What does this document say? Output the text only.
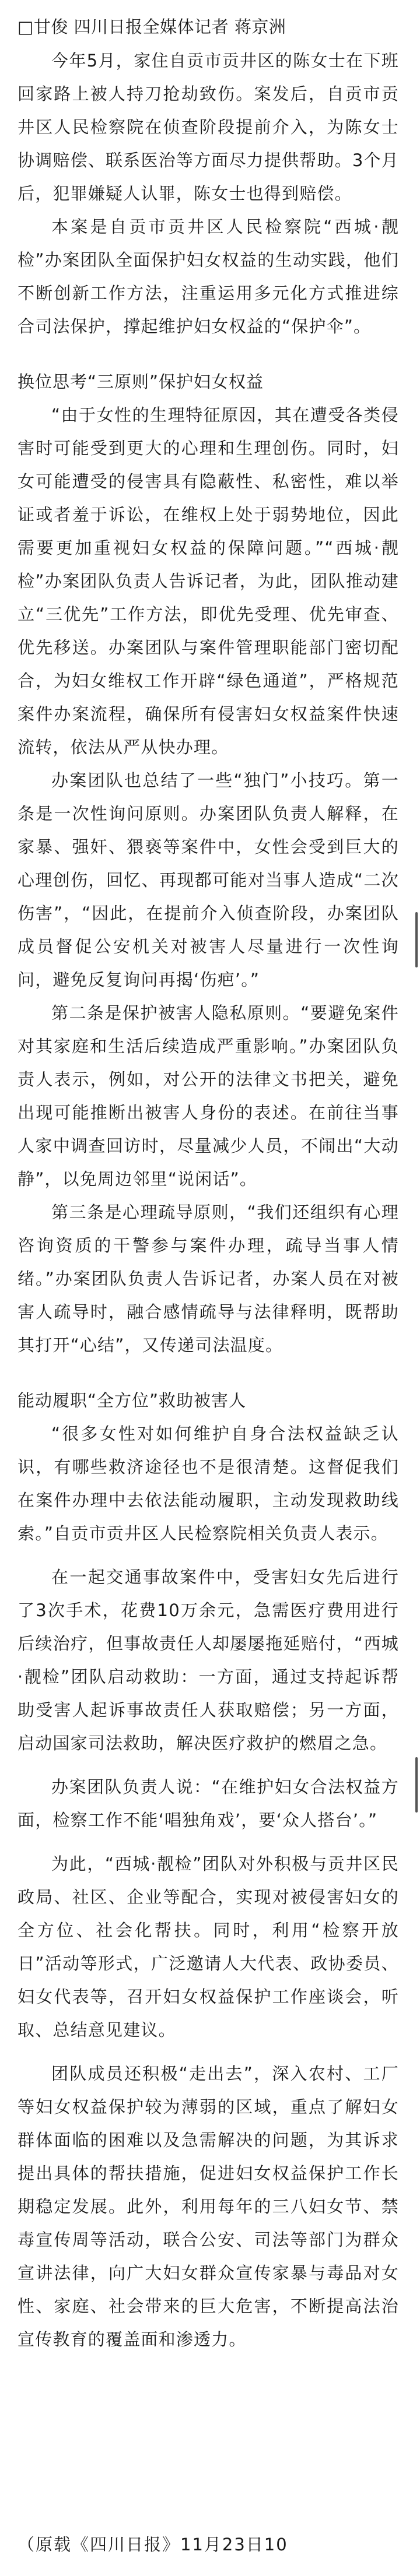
□甘俊 四川日报全媒体记者 蒋京洲

今年5月，家住自贡市贡井区的陈女士在下班回家路上被人持刀抢劫致伤。案发后，自贡市贡井区人民检察院在侦查阶段提前介入，为陈女士协调赔偿、联系医治等方面尽力提供帮助。3个月后，犯罪嫌疑人认罪，陈女士也得到赔偿。

本案是自贡市贡井区人民检察院“西城·靓检”办案团队全面保护妇女权益的生动实践，他们不断创新工作方法，注重运用多元化方式推进综合司法保护，撑起维护妇女权益的“保护伞”。

换位思考“三原则”保护妇女权益

“由于女性的生理特征原因，其在遭受各类侵害时可能受到更大的心理和生理创伤。同时，妇女可能遭受的侵害具有隐蔽性、私密性，难以举证或者羞于诉讼，在维权上处于弱势地位，因此需要更加重视妇女权益的保障问题。”“西城·靓检”办案团队负责人告诉记者，为此，团队推动建立“三优先”工作方法，即优先受理、优先审查、优先移送。办案团队与案件管理职能部门密切配合，为妇女维权工作开辟“绿色通道”，严格规范案件办案流程，确保所有侵害妇女权益案件快速流转，依法从严从快办理。

办案团队也总结了一些“独门”小技巧。第一条是一次性询问原则。办案团队负责人解释，在家暴、强奸、猥亵等案件中，女性会受到巨大的心理创伤，回忆、再现都可能对当事人造成“二次伤害”，“因此，在提前介入侦查阶段，办案团队成员督促公安机关对被害人尽量进行一次性询问，避免反复询问再揭‘伤疤’。”

第二条是保护被害人隐私原则。“要避免案件对其家庭和生活后续造成严重影响。”办案团队负责人表示，例如，对公开的法律文书把关，避免出现可能推断出被害人身份的表述。在前往当事人家中调查回访时，尽量减少人员，不闹出“大动静”，以免周边邻里“说闲话”。

第三条是心理疏导原则，“我们还组织有心理咨询资质的干警参与案件办理，疏导当事人情绪。”办案团队负责人告诉记者，办案人员在对被害人疏导时，融合感情疏导与法律释明，既帮助其打开“心结”，又传递司法温度。

能动履职“全方位”救助被害人

“很多女性对如何维护自身合法权益缺乏认识，有哪些救济途径也不是很清楚。这督促我们在案件办理中去依法能动履职，主动发现救助线索。”自贡市贡井区人民检察院相关负责人表示。

在一起交通事故案件中，受害妇女先后进行了3次手术，花费10万余元，急需医疗费用进行后续治疗，但事故责任人却屡屡拖延赔付，“西城·靓检”团队启动救助：一方面，通过支持起诉帮助受害人起诉事故责任人获取赔偿；另一方面，启动国家司法救助，解决医疗救护的燃眉之急。

办案团队负责人说：“在维护妇女合法权益方面，检察工作不能‘唱独角戏’，要‘众人搭台’。”

为此，“西城·靓检”团队对外积极与贡井区民政局、社区、企业等配合，实现对被侵害妇女的全方位、社会化帮扶。同时，利用“检察开放日”活动等形式，广泛邀请人大代表、政协委员、妇女代表等，召开妇女权益保护工作座谈会，听取、总结意见建议。

团队成员还积极“走出去”，深入农村、工厂等妇女权益保护较为薄弱的区域，重点了解妇女群体面临的困难以及急需解决的问题，为其诉求提出具体的帮扶措施，促进妇女权益保护工作长期稳定发展。此外，利用每年的三八妇女节、禁毒宣传周等活动，联合公安、司法等部门为群众宣讲法律，向广大妇女群众宣传家暴与毒品对女性、家庭、社会带来的巨大危害，不断提高法治宣传教育的覆盖面和渗透力。

（原载《四川日报》11月23日10
